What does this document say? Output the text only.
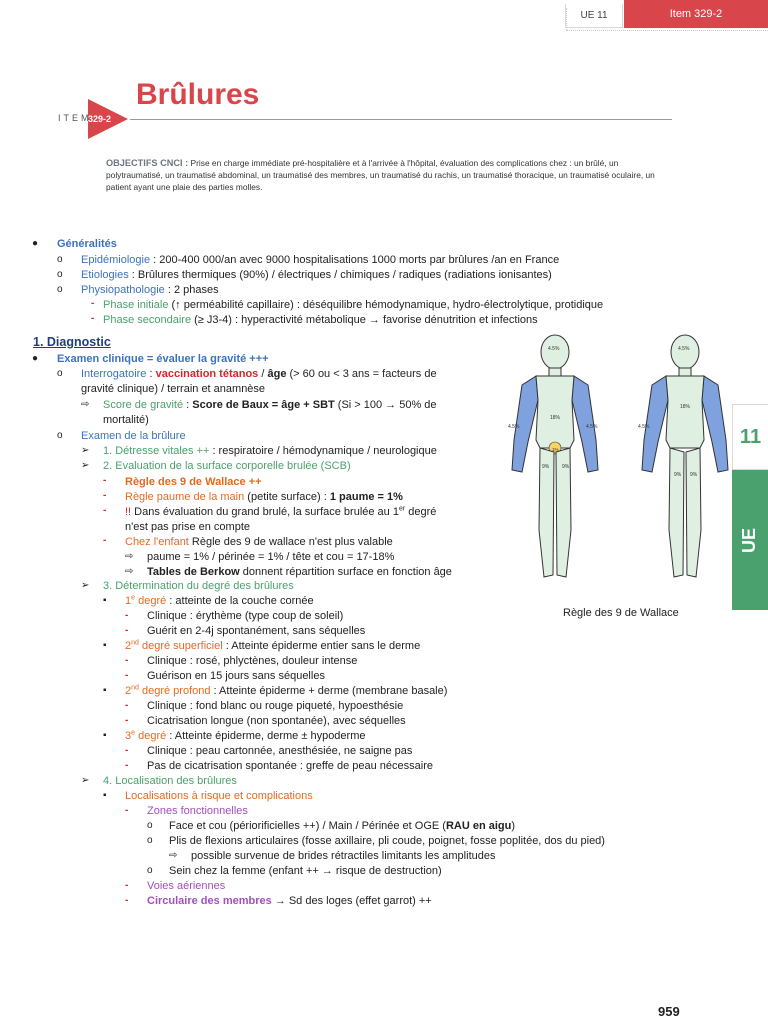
UE 11	Item 329-2
ITEM
329-2
Brûlures
OBJECTIFS CNCI : Prise en charge immédiate pré-hospitalière et à l'arrivée à l'hôpital, évaluation des complications chez : un brûlé, un polytraumatisé, un traumatisé abdominal, un traumatisé des membres, un traumatisé du rachis, un traumatisé thoracique, un traumatisé oculaire, un patient ayant une plaie des parties molles.
11
UE
● Généralités
o Epidémiologie : 200-400 000/an avec 9000 hospitalisations 1000 morts par brûlures /an en France
o Etiologies : Brûlures thermiques (90%) / électriques / chimiques / radiques (radiations ionisantes)
o Physiopathologie : 2 phases
- Phase initiale (↑ perméabilité capillaire) : déséquilibre hémodynamique, hydro-électrolytique, protidique
- Phase secondaire (≥ J3-4) : hyperactivité métabolique → favorise dénutrition et infections
1. Diagnostic
● Examen clinique = évaluer la gravité +++
o Interrogatoire : vaccination tétanos / âge (> 60 ou < 3 ans = facteurs de
gravité clinique) / terrain et anamnèse
⇨ Score de gravité : Score de Baux = âge + SBT (Si > 100 → 50% de
mortalité)
o Examen de la brûlure
➢ 1. Détresse vitales ++ : respiratoire / hémodynamique / neurologique
➢ 2. Evaluation de la surface corporelle brulée (SCB)
- Règle des 9 de Wallace ++
- Règle paume de la main (petite surface) : 1 paume = 1%
- !! Dans évaluation du grand brulé, la surface brulée au 1er degré
n'est pas prise en compte
- Chez l'enfant Règle des 9 de wallace n'est plus valable
⇨ paume = 1% / périnée = 1% / tête et cou = 17-18%
⇨ Tables de Berkow donnent répartition surface en fonction âge
➢ 3. Détermination du degré des brûlures
▪ 1e degré : atteinte de la couche cornée
- Clinique : érythème (type coup de soleil)
- Guérit en 2-4j spontanément, sans séquelles
▪ 2nd degré superficiel : Atteinte épiderme entier sans le derme
- Clinique : rosé, phlyctènes, douleur intense
- Guérison en 15 jours sans séquelles
▪ 2nd degré profond : Atteinte épiderme + derme (membrane basale)
- Clinique : fond blanc ou rouge piqueté, hypoesthésie
- Cicatrisation longue (non spontanée), avec séquelles
▪ 3e degré : Atteinte épiderme, derme ± hypoderme
- Clinique : peau cartonnée, anesthésiée, ne saigne pas
- Pas de cicatrisation spontanée : greffe de peau nécessaire
➢ 4. Localisation des brûlures
▪ Localisations à risque et complications
- Zones fonctionnelles
o Face et cou (périorificielles ++) / Main / Périnée et OGE (RAU en aigu)
o Plis de flexions articulaires (fosse axillaire, pli coude, poignet, fosse poplitée, dos du pied)
⇨ possible survenue de brides rétractiles limitants les amplitudes
o Sein chez la femme (enfant ++ → risque de destruction)
- Voies aériennes
- Circulaire des membres → Sd des loges (effet garrot) ++
4.5%
4.5%	4.5%
18%
1%
9%	9%
4.5%
4.5%
18%
9% 9%
Règle des 9 de Wallace
959
